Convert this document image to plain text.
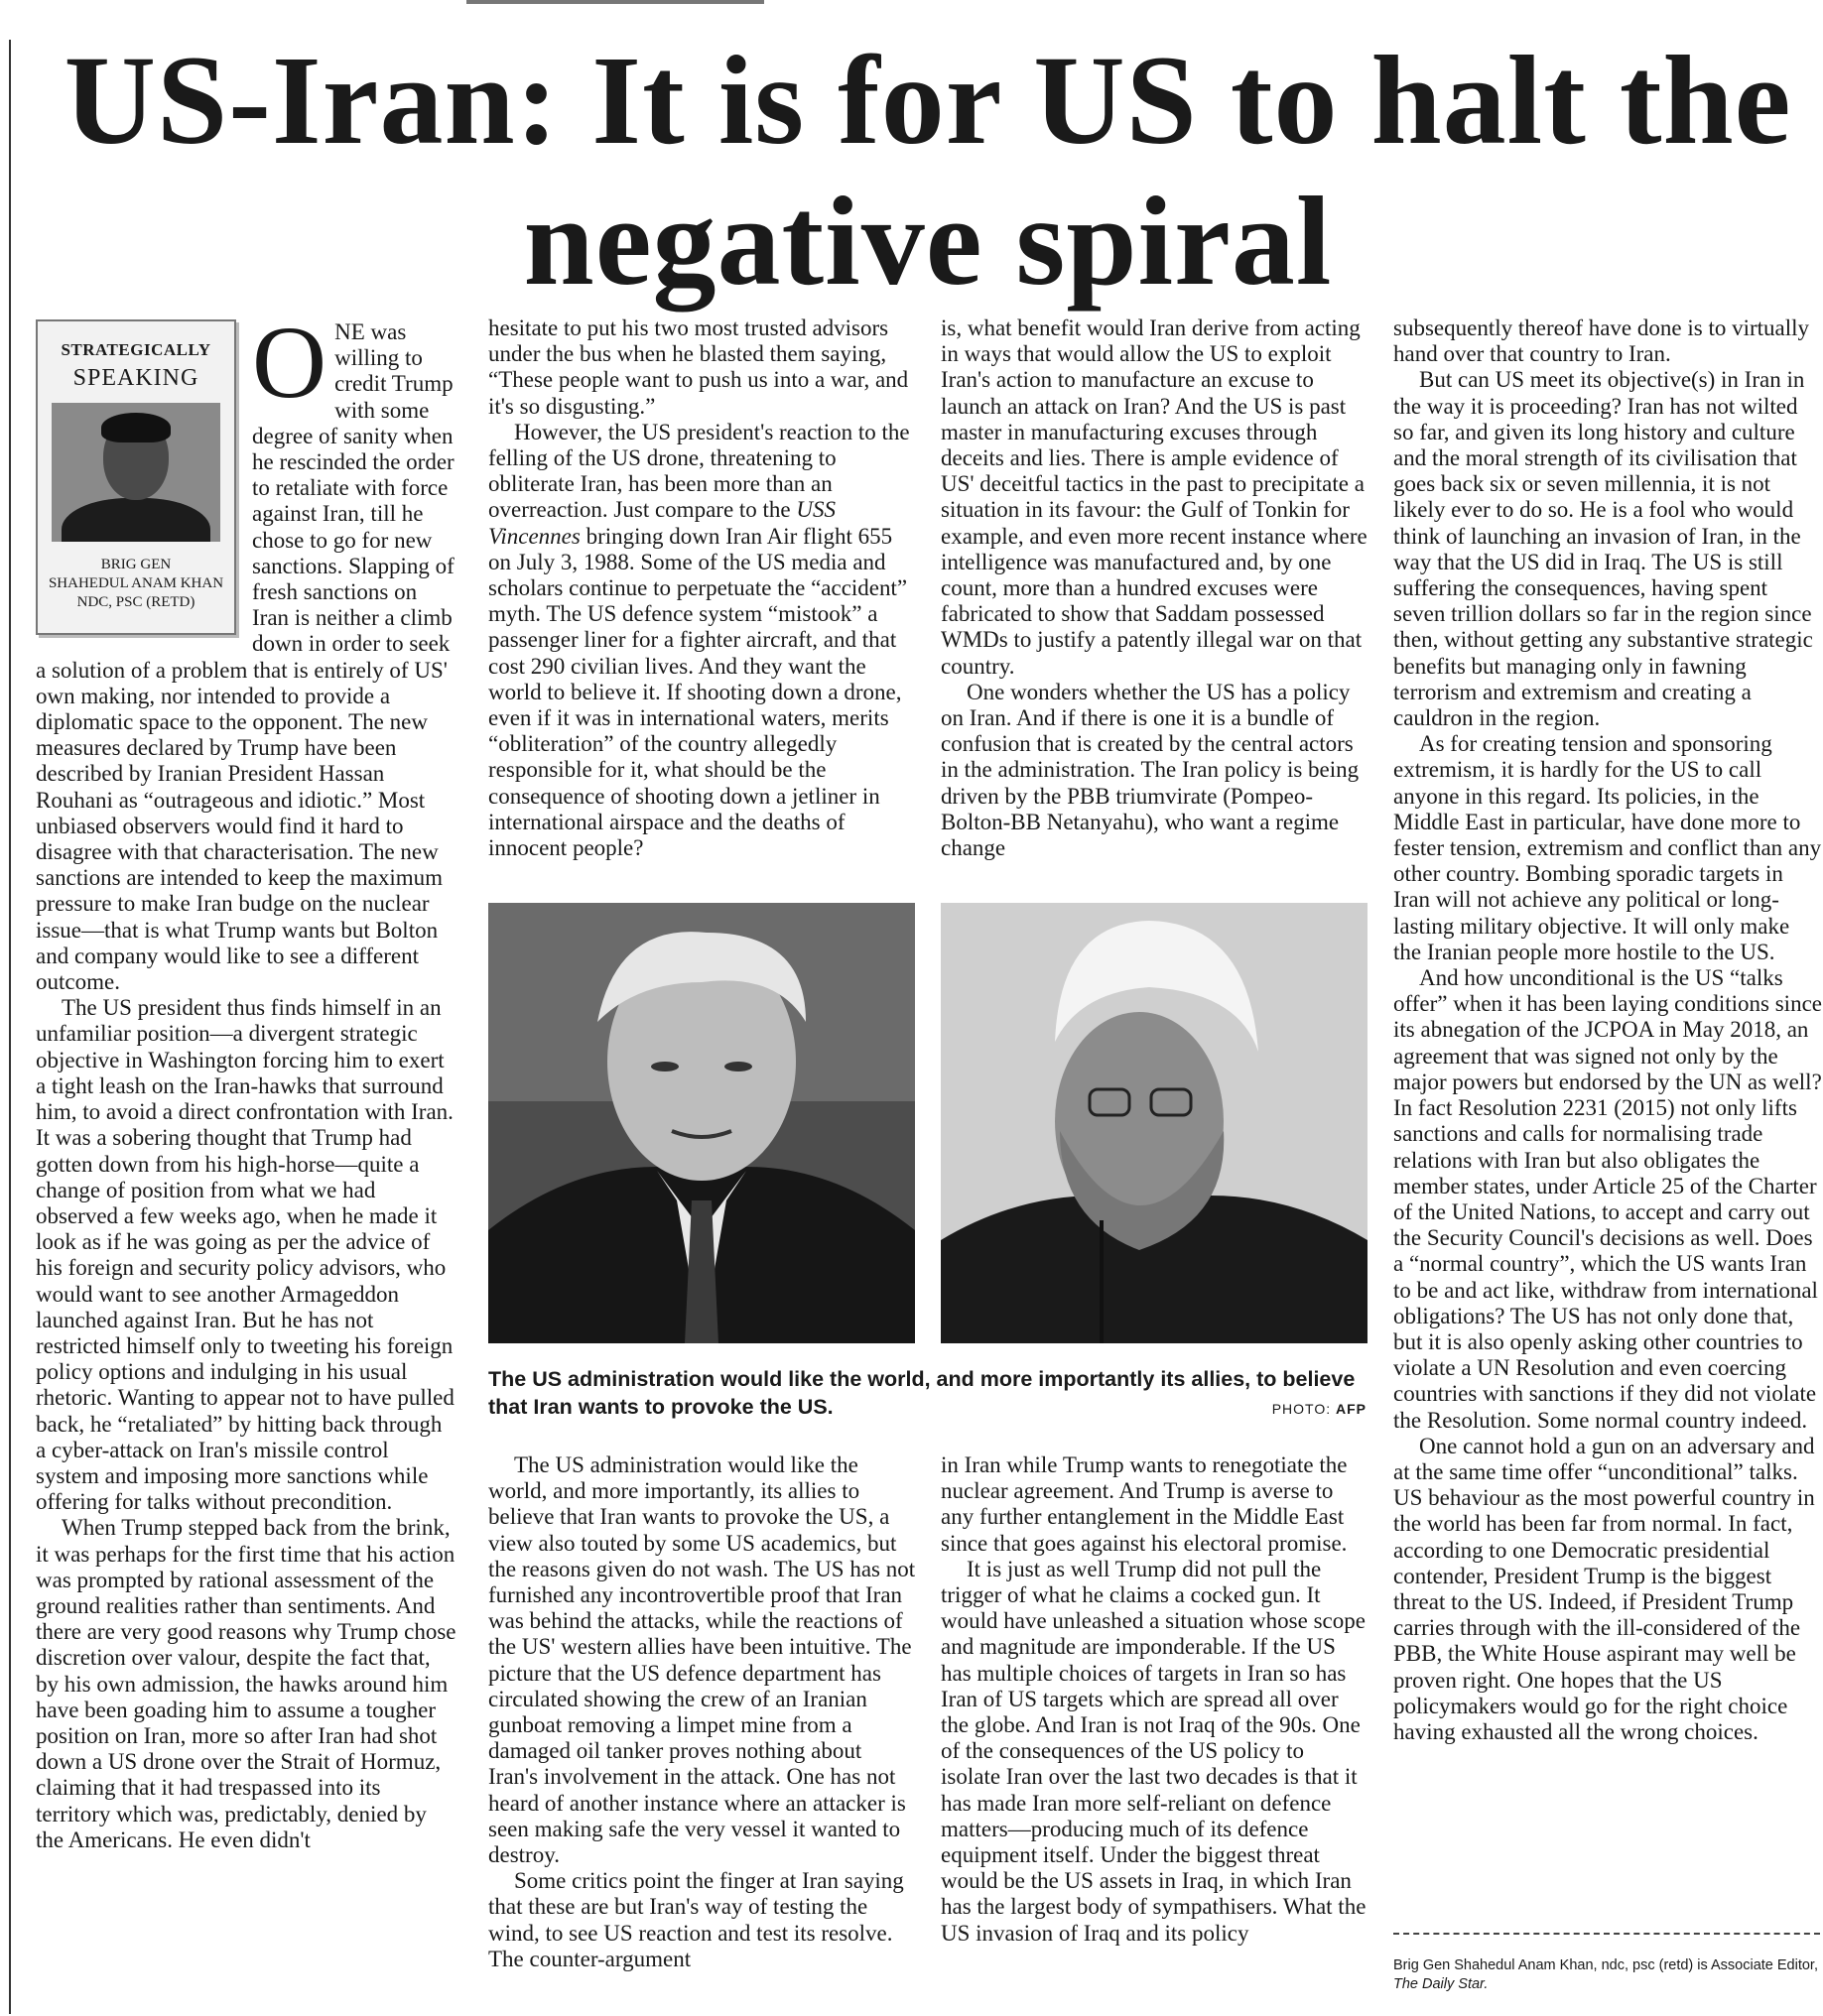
US-Iran: It is for US to halt the negative spiral
STRATEGICALLY
SPEAKING
BRIG GEN
SHAHEDUL ANAM KHAN
NDC, PSC (RETD)

ONE was willing to credit Trump with some degree of sanity when he rescinded the order to retaliate with force against Iran, till he chose to go for new sanctions. Slapping of fresh sanctions on Iran is neither a climb down in order to seek a solution of a problem that is entirely of US' own making, nor intended to provide a diplomatic space to the opponent. The new measures declared by Trump have been described by Iranian President Hassan Rouhani as “outrageous and idiotic.” Most unbiased observers would find it hard to disagree with that characterisation. The new sanctions are intended to keep the maximum pressure to make Iran budge on the nuclear issue—that is what Trump wants but Bolton and company would like to see a different outcome.

The US president thus finds himself in an unfamiliar position—a divergent strategic objective in Washington forcing him to exert a tight leash on the Iran-hawks that surround him, to avoid a direct confrontation with Iran. It was a sobering thought that Trump had gotten down from his high-horse—quite a change of position from what we had observed a few weeks ago, when he made it look as if he was going as per the advice of his foreign and security policy advisors, who would want to see another Armageddon launched against Iran. But he has not restricted himself only to tweeting his foreign policy options and indulging in his usual rhetoric. Wanting to appear not to have pulled back, he “retaliated” by hitting back through a cyber-attack on Iran's missile control system and imposing more sanctions while offering for talks without precondition.

When Trump stepped back from the brink, it was perhaps for the first time that his action was prompted by rational assessment of the ground realities rather than sentiments. And there are very good reasons why Trump chose discretion over valour, despite the fact that, by his own admission, the hawks around him have been goading him to assume a tougher position on Iran, more so after Iran had shot down a US drone over the Strait of Hormuz, claiming that it had trespassed into its territory which was, predictably, denied by the Americans. He even didn't

hesitate to put his two most trusted advisors under the bus when he blasted them saying, “These people want to push us into a war, and it's so disgusting.”

However, the US president's reaction to the felling of the US drone, threatening to obliterate Iran, has been more than an overreaction. Just compare to the USS Vincennes bringing down Iran Air flight 655 on July 3, 1988. Some of the US media and scholars continue to perpetuate the “accident” myth. The US defence system “mistook” a passenger liner for a fighter aircraft, and that cost 290 civilian lives. And they want the world to believe it. If shooting down a drone, even if it was in international waters, merits “obliteration” of the country allegedly responsible for it, what should be the consequence of shooting down a jetliner in international airspace and the deaths of innocent people?

is, what benefit would Iran derive from acting in ways that would allow the US to exploit Iran's action to manufacture an excuse to launch an attack on Iran? And the US is past master in manufacturing excuses through deceits and lies. There is ample evidence of US' deceitful tactics in the past to precipitate a situation in its favour: the Gulf of Tonkin for example, and even more recent instance where intelligence was manufactured and, by one count, more than a hundred excuses were fabricated to show that Saddam possessed WMDs to justify a patently illegal war on that country.

One wonders whether the US has a policy on Iran. And if there is one it is a bundle of confusion that is created by the central actors in the administration. The Iran policy is being driven by the PBB triumvirate (Pompeo-Bolton-BB Netanyahu), who want a regime change

The US administration would like the world, and more importantly its allies, to believe that Iran wants to provoke the US.	PHOTO: AFP

The US administration would like the world, and more importantly, its allies to believe that Iran wants to provoke the US, a view also touted by some US academics, but the reasons given do not wash. The US has not furnished any incontrovertible proof that Iran was behind the attacks, while the reactions of the US' western allies have been intuitive. The picture that the US defence department has circulated showing the crew of an Iranian gunboat removing a limpet mine from a damaged oil tanker proves nothing about Iran's involvement in the attack. One has not heard of another instance where an attacker is seen making safe the very vessel it wanted to destroy.

Some critics point the finger at Iran saying that these are but Iran's way of testing the wind, to see US reaction and test its resolve. The counter-argument

in Iran while Trump wants to renegotiate the nuclear agreement. And Trump is averse to any further entanglement in the Middle East since that goes against his electoral promise.

It is just as well Trump did not pull the trigger of what he claims a cocked gun. It would have unleashed a situation whose scope and magnitude are imponderable. If the US has multiple choices of targets in Iran so has Iran of US targets which are spread all over the globe. And Iran is not Iraq of the 90s. One of the consequences of the US policy to isolate Iran over the last two decades is that it has made Iran more self-reliant on defence matters—producing much of its defence equipment itself. Under the biggest threat would be the US assets in Iraq, in which Iran has the largest body of sympathisers. What the US invasion of Iraq and its policy

subsequently thereof have done is to virtually hand over that country to Iran.

But can US meet its objective(s) in Iran in the way it is proceeding? Iran has not wilted so far, and given its long history and culture and the moral strength of its civilisation that goes back six or seven millennia, it is not likely ever to do so. He is a fool who would think of launching an invasion of Iran, in the way that the US did in Iraq. The US is still suffering the consequences, having spent seven trillion dollars so far in the region since then, without getting any substantive strategic benefits but managing only in fawning terrorism and extremism and creating a cauldron in the region.

As for creating tension and sponsoring extremism, it is hardly for the US to call anyone in this regard. Its policies, in the Middle East in particular, have done more to fester tension, extremism and conflict than any other country. Bombing sporadic targets in Iran will not achieve any political or long-lasting military objective. It will only make the Iranian people more hostile to the US.

And how unconditional is the US “talks offer” when it has been laying conditions since its abnegation of the JCPOA in May 2018, an agreement that was signed not only by the major powers but endorsed by the UN as well? In fact Resolution 2231 (2015) not only lifts sanctions and calls for normalising trade relations with Iran but also obligates the member states, under Article 25 of the Charter of the United Nations, to accept and carry out the Security Council's decisions as well. Does a “normal country”, which the US wants Iran to be and act like, withdraw from international obligations? The US has not only done that, but it is also openly asking other countries to violate a UN Resolution and even coercing countries with sanctions if they did not violate the Resolution. Some normal country indeed.

One cannot hold a gun on an adversary and at the same time offer “unconditional” talks. US behaviour as the most powerful country in the world has been far from normal. In fact, according to one Democratic presidential contender, President Trump is the biggest threat to the US. Indeed, if President Trump carries through with the ill-considered of the PBB, the White House aspirant may well be proven right. One hopes that the US policymakers would go for the right choice having exhausted all the wrong choices.

Brig Gen Shahedul Anam Khan, ndc, psc (retd) is Associate Editor, The Daily Star.
